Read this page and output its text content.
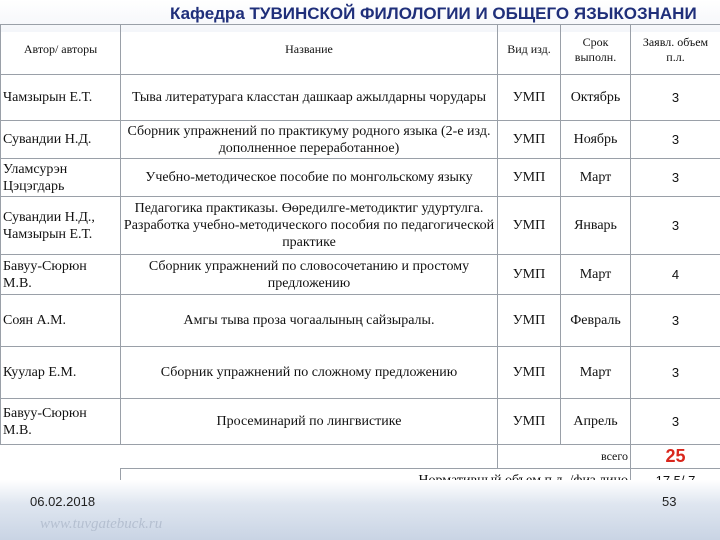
Кафедра ТУВИНСКОЙ ФИЛОЛОГИИ И ОБЩЕГО ЯЗЫКОЗНАНИ
Автор/ авторы	Название	Вид изд.	Срок выполн.	Заявл. объем п.л.
Чамзырын Е.Т.	Тыва литературага класстан дашкаар ажылдарны чорудары	УМП	Октябрь	3
Сувандии Н.Д.	Сборник упражнений по практикуму родного языка (2-е изд. дополненное переработанное)	УМП	Ноябрь	3
Уламсурэн Цэцэгдарь	Учебно-методическое пособие по монгольскому языку	УМП	Март	3
Сувандии Н.Д., Чамзырын Е.Т.	Педагогика практиказы. Өөредилге-методиктиг удуртулга. Разработка учебно-методического пособия по педагогической практике	УМП	Январь	3
Бавуу-Сюрюн М.В.	Сборник упражнений по словосочетанию и простому предложению	УМП	Март	4
Соян А.М.	Амгы тыва проза чогаалының сайзыралы.	УМП	Февраль	3
Куулар Е.М.	Сборник упражнений по сложному предложению	УМП	Март	3
Бавуу-Сюрюн М.В.	Просеминарий по лингвистике	УМП	Апрель	3
		всего		25

06.02.2018	53
www.tuvgatebuck.ru
